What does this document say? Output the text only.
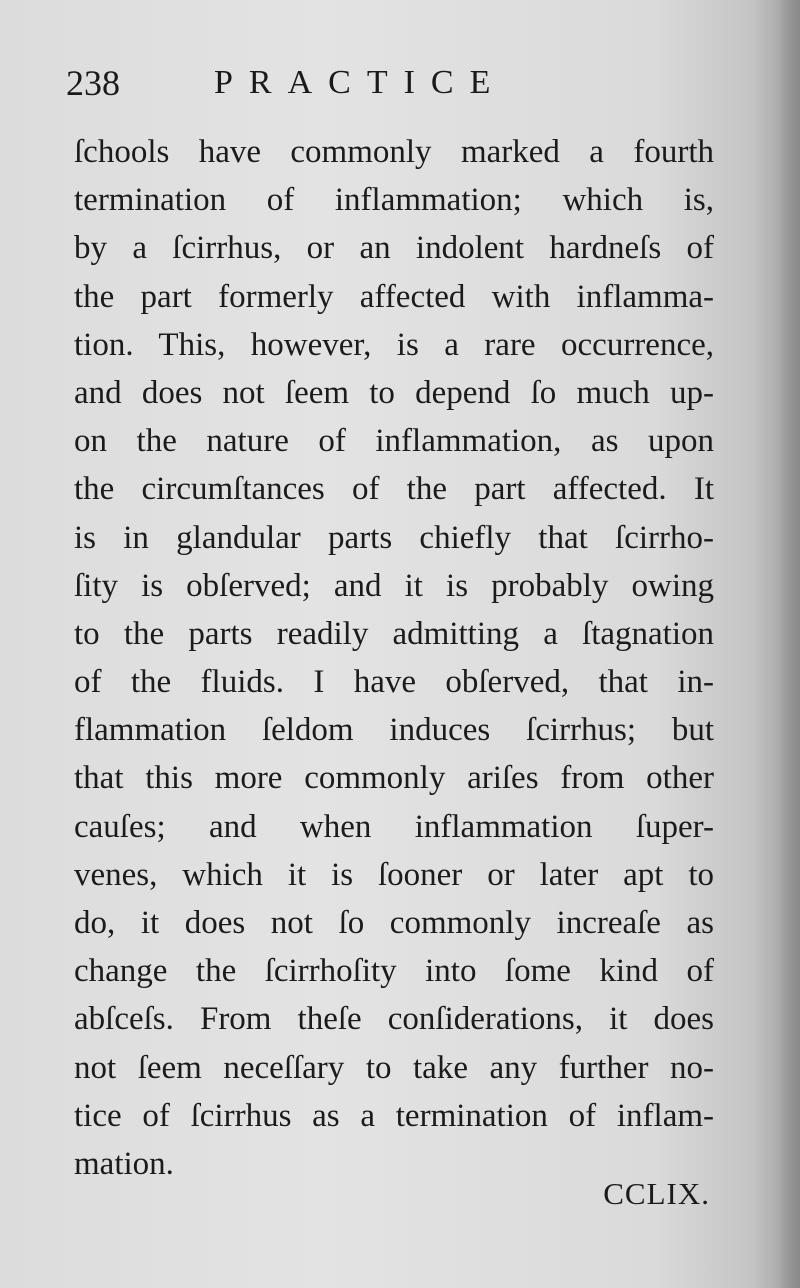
238	PRACTICE
ſchools have commonly marked a fourth
termination of inflammation; which is,
by a ſcirrhus, or an indolent hardneſs of
the part formerly affected with inflamma-
tion. This, however, is a rare occurrence,
and does not ſeem to depend ſo much up-
on the nature of inflammation, as upon
the circumſtances of the part affected. It
is in glandular parts chiefly that ſcirrho-
ſity is obſerved; and it is probably owing
to the parts readily admitting a ſtagnation
of the fluids. I have obſerved, that in-
flammation ſeldom induces ſcirrhus; but
that this more commonly ariſes from other
cauſes; and when inflammation ſuper-
venes, which it is ſooner or later apt to
do, it does not ſo commonly increaſe as
change the ſcirrhoſity into ſome kind of
abſceſs. From theſe conſiderations, it does
not ſeem neceſſary to take any further no-
tice of ſcirrhus as a termination of inflam-
mation.
CCLIX.
